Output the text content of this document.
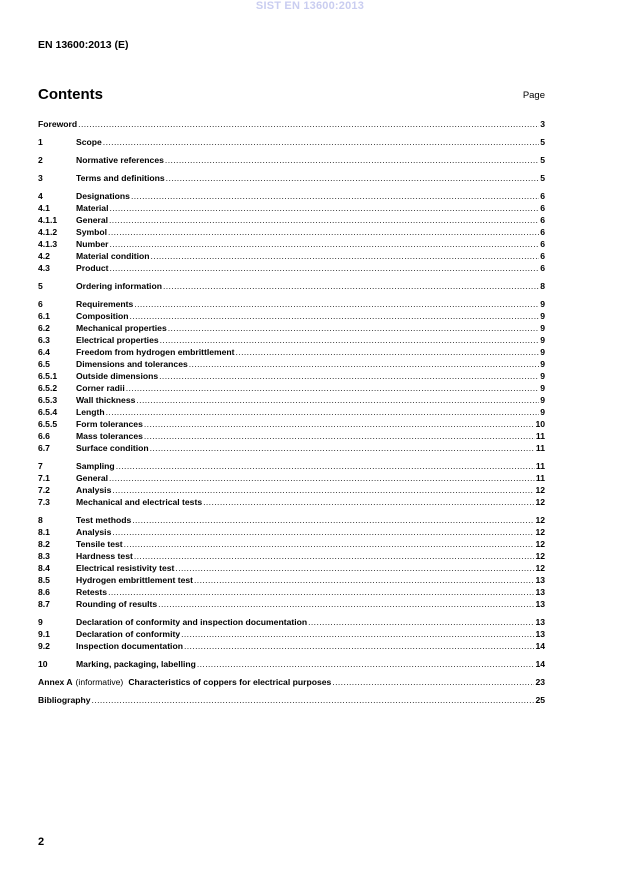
SIST EN 13600:2013
EN 13600:2013 (E)
Contents	Page
Foreword .....	3
1	Scope .....	5
2	Normative references .....	5
3	Terms and definitions .....	5
4	Designations .....	6
4.1	Material .....	6
4.1.1	General .....	6
4.1.2	Symbol .....	6
4.1.3	Number .....	6
4.2	Material condition .....	6
4.3	Product .....	6
5	Ordering information .....	8
6	Requirements .....	9
6.1	Composition .....	9
6.2	Mechanical properties .....	9
6.3	Electrical properties .....	9
6.4	Freedom from hydrogen embrittlement .....	9
6.5	Dimensions and tolerances .....	9
6.5.1	Outside dimensions .....	9
6.5.2	Corner radii .....	9
6.5.3	Wall thickness .....	9
6.5.4	Length .....	9
6.5.5	Form tolerances .....	10
6.6	Mass tolerances .....	11
6.7	Surface condition .....	11
7	Sampling .....	11
7.1	General .....	11
7.2	Analysis .....	12
7.3	Mechanical and electrical tests .....	12
8	Test methods .....	12
8.1	Analysis .....	12
8.2	Tensile test .....	12
8.3	Hardness test .....	12
8.4	Electrical resistivity test .....	12
8.5	Hydrogen embrittlement test .....	13
8.6	Retests .....	13
8.7	Rounding of results .....	13
9	Declaration of conformity and inspection documentation .....	13
9.1	Declaration of conformity .....	13
9.2	Inspection documentation .....	14
10	Marking, packaging, labelling .....	14
Annex A (informative) Characteristics of coppers for electrical purposes .....	23
Bibliography .....	25
2
